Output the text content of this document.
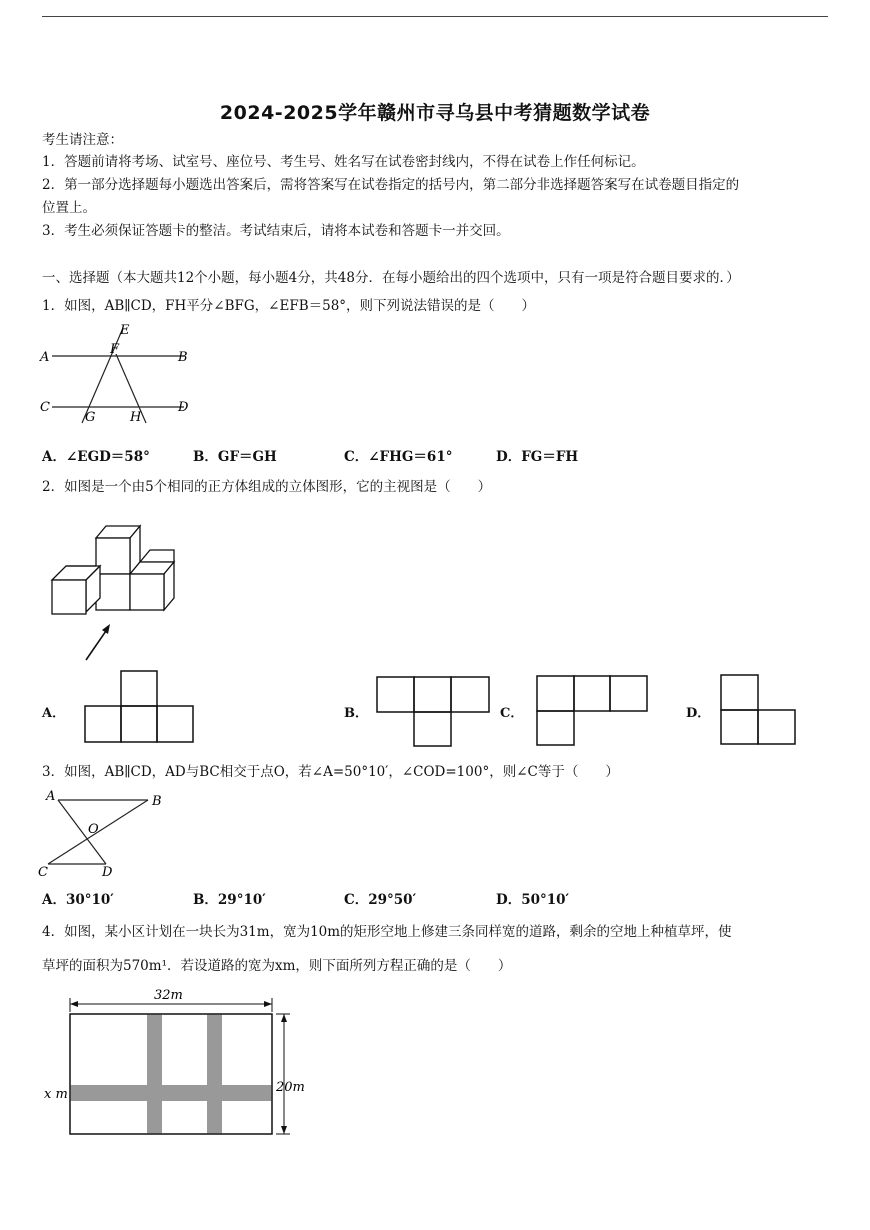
2024-2025学年赣州市寻乌县中考猜题数学试卷
考生请注意：
1．答题前请将考场、试室号、座位号、考生号、姓名写在试卷密封线内，不得在试卷上作任何标记。
2．第一部分选择题每小题选出答案后，需将答案写在试卷指定的括号内，第二部分非选择题答案写在试卷题目指定的
位置上。
3．考生必须保证答题卡的整洁。考试结束后，请将本试卷和答题卡一并交回。
一、选择题（本大题共12个小题，每小题4分，共48分．在每小题给出的四个选项中，只有一项是符合题目要求的．）
1．如图，AB∥CD，FH平分∠BFG，∠EFB＝58°，则下列说法错误的是（　　）
E
F
A	B
C	D
G	H
A．∠EGD＝58°	B．GF＝GH	C．∠FHG＝61°	D．FG＝FH
2．如图是一个由5个相同的正方体组成的立体图形，它的主视图是（　　）
A．	B．	C．	D．
3．如图，AB∥CD，AD与BC相交于点O，若∠A=50°10′，∠COD=100°，则∠C等于（　　）
A	B
O
C	D
A．30°10′	B．29°10′	C．29°50′	D．50°10′
4．如图，某小区计划在一块长为31m，宽为10m的矩形空地上修建三条同样宽的道路，剩余的空地上种植草坪，使
草坪的面积为570m¹．若设道路的宽为xm，则下面所列方程正确的是（　　）
32m
20m
x m
